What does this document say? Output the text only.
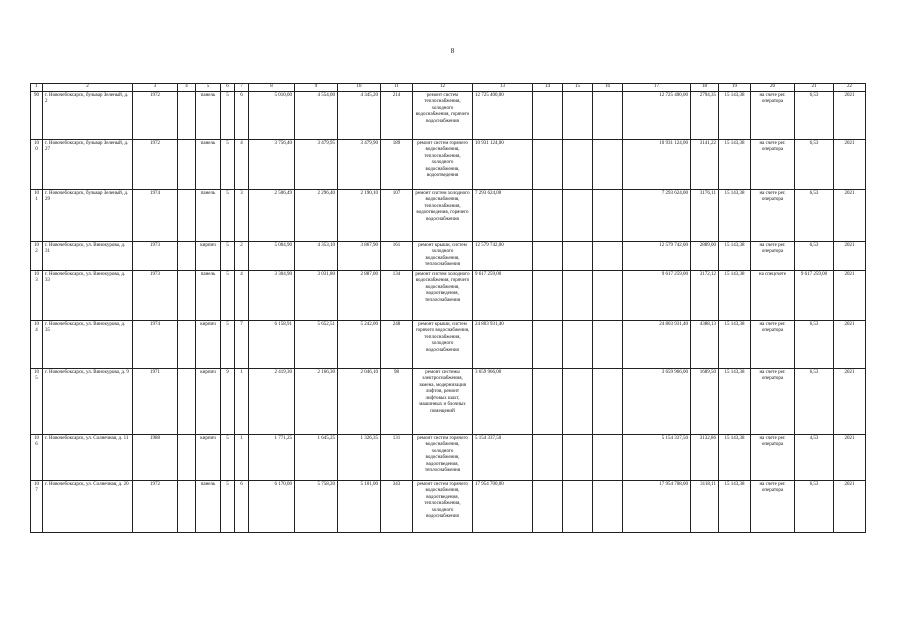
8
1	2	3	4	5	6	7	8	9	10	11	12	13	14	15	16	17	18	19	20	21	22
90	г. Новочебоксарск, бульвар Зеленый, д. 2	1972		панель	5	6	5 010,00	4 554,00	4 345,20	214	ремонт систем теплоснабжения, холодного водоснабжения, горячего водоснабжения	12 725 400,00				12 725 400,00	2794,35	15 143,38	на счете рег. оператора	6,53	2021
100	г. Новочебоксарск, бульвар Зеленый, д. 27	1972		панель	5	4	3 756,40	3 479,95	3 479,90	189	ремонт систем горячего водоснабжения, теплоснабжения, холодного водоснабжения, водоотведения	10 931 124,00				10 931 124,00	3141,22	15 143,38	на счете рег. оператора	6,53	2021
101	г. Новочебоксарск, бульвар Зеленый, д. 29	1974		панель	5	3	2 506,49	2 296,40	2 190,10	107	ремонт систем холодного водоснабжения, теплоснабжения, водоотведения, горячего водоснабжения	7 293 624,00				7 293 624,00	3176,11	15 143,38	на счете рег. оператора	6,53	2021
102	г. Новочебоксарск, ул. Винокурова, д. 31	1973		кирпич	5	2	5 004,90	4 353,10	3 867,90	161	ремонт крыши, систем холодного водоснабжения, теплоснабжения	12 579 742,00				12 579 742,00	2889,00	15 143,38	на счете рег. оператора	6,53	2021
103	г. Новочебоксарск, ул. Винокурова, д. 33	1973		панель	5	4	3 304,90	3 031,80	2 887,00	134	ремонт систем холодного водоснабжения, горячего водоснабжения, водоотведения, теплоснабжения	9 617 259,00				9 617 259,00	3172,12	15 143,38	на спецсчете	9 617 259,00	2021
104	г. Новочебоксарск, ул. Винокурова, д. 35	1974		кирпич	5	7	6 158,91	5 652,51	5 242,00	248	ремонт крыши, систем горячего водоснабжения, теплоснабжения, холодного водоснабжения	24 803 931,40				24 803 931,40	4388,13	15 143,38	на счете рег. оператора	6,53	2021
105	г. Новочебоксарск, ул. Винокурова, д. 9	1971		кирпич	9	1	2 419,30	2 166,30	2 046,10	98	ремонт системы электроснабжения, замена, модернизация лифтов, ремонт лифтовых шахт, машинных и блочных помещений	3 659 966,00				3 659 966,00	1689,50	15 143,38	на счете рег. оператора	6,53	2021
106	г. Новочебоксарск, ул. Солнечная, д. 11	1988		кирпич	5	1	1 771,25	1 645,25	1 326,35	131	ремонт систем горячего водоснабжения, холодного водоснабжения, водоотведения, теплоснабжения	5 154 337,50				5 154 337,50	3132,86	15 143,38	на счете рег. оператора	4,53	2021
107	г. Новочебоксарск, ул. Солнечная, д. 20	1972		панель	5	6	6 170,00	5 758,20	5 101,00	343	ремонт систем горячего водоснабжения, водоотведения, теплоснабжения, холодного водоснабжения	17 954 700,00				17 954 708,00	3118,11	15 143,38	на счете рег. оператора	6,53	2021
